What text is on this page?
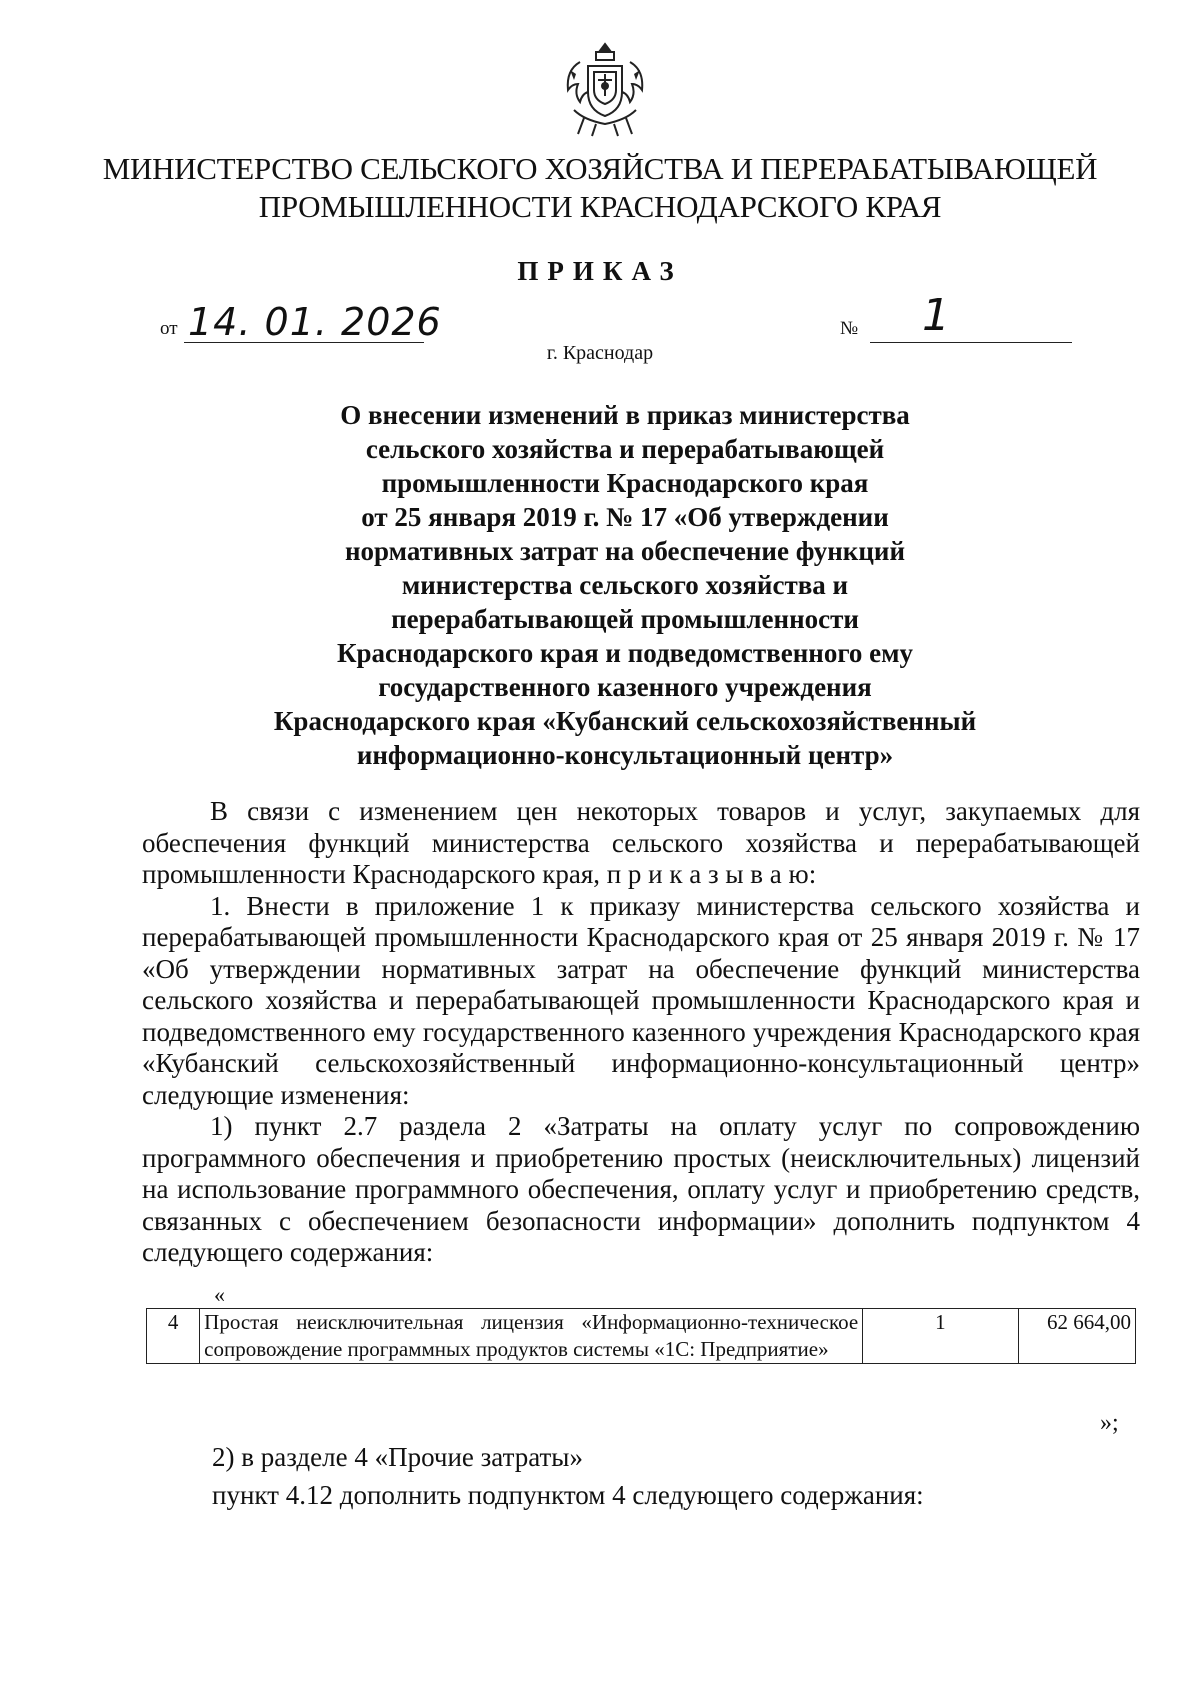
МИНИСТЕРСТВО СЕЛЬСКОГО ХОЗЯЙСТВА И ПЕРЕРАБАТЫВАЮЩЕЙ
ПРОМЫШЛЕННОСТИ КРАСНОДАРСКОГО КРАЯ
ПРИКАЗ
от 14. 01. 2026	№ 1
г. Краснодар
О внесении изменений в приказ министерства
сельского хозяйства и перерабатывающей
промышленности Краснодарского края
от 25 января 2019 г. № 17 «Об утверждении
нормативных затрат на обеспечение функций
министерства сельского хозяйства и
перерабатывающей промышленности
Краснодарского края и подведомственного ему
государственного казенного учреждения
Краснодарского края «Кубанский сельскохозяйственный
информационно-консультационный центр»

В связи с изменением цен некоторых товаров и услуг, закупаемых для обеспечения функций министерства сельского хозяйства и перерабатывающей промышленности Краснодарского края, п р и к а з ы в а ю:

1. Внести в приложение 1 к приказу министерства сельского хозяйства и перерабатывающей промышленности Краснодарского края от 25 января 2019 г. № 17 «Об утверждении нормативных затрат на обеспечение функций министерства сельского хозяйства и перерабатывающей промышленности Краснодарского края и подведомственного ему государственного казенного учреждения Краснодарского края «Кубанский сельскохозяйственный информационно-консультационный центр» следующие изменения:

1) пункт 2.7 раздела 2 «Затраты на оплату услуг по сопровождению программного обеспечения и приобретению простых (неисключительных) лицензий на использование программного обеспечения, оплату услуг и приобретению средств, связанных с обеспечением безопасности информации» дополнить подпунктом 4 следующего содержания:

«
4	Простая неисключительная лицензия «Информационно-техническое сопровождение программных продуктов системы «1С: Предприятие»	1	62 664,00
»;
2) в разделе 4 «Прочие затраты»
пункт 4.12 дополнить подпунктом 4 следующего содержания:
